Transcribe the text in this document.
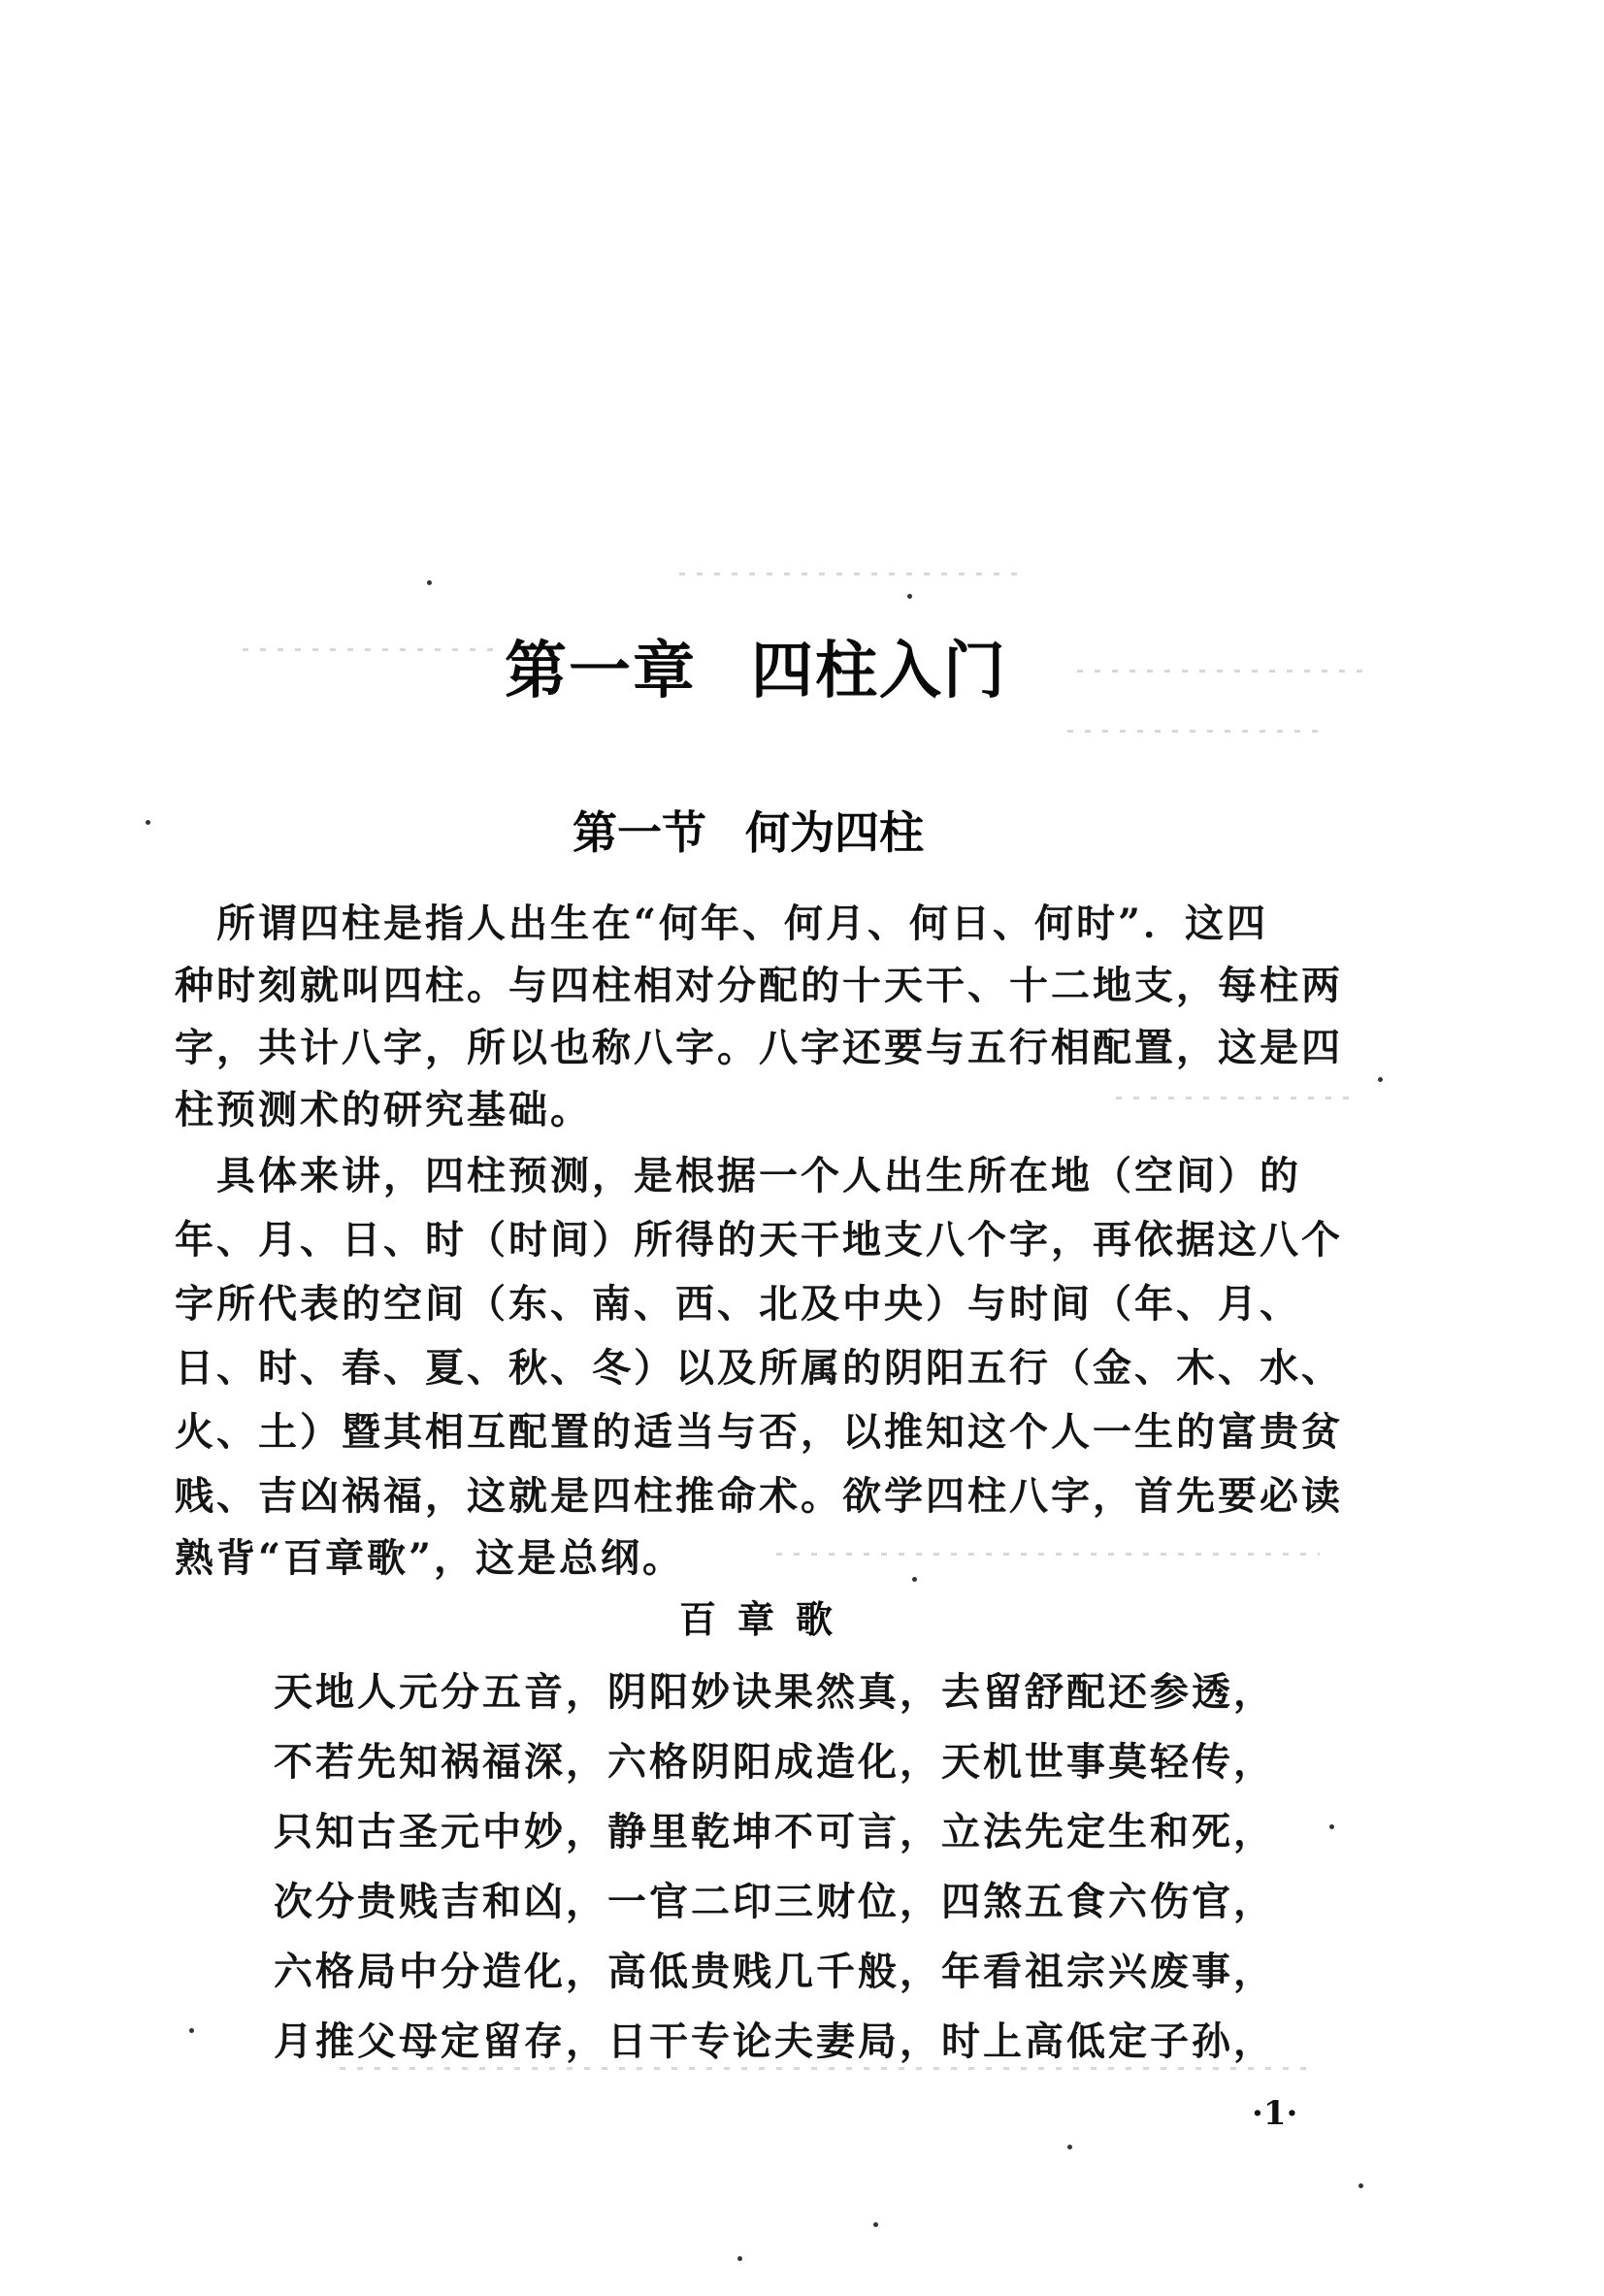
第一章 四柱入门
第一节 何为四柱
　所谓四柱是指人出生在“何年、何月、何日、何时”．这四
种时刻就叫四柱。与四柱相对分配的十天干、十二地支，每柱两
字，共计八字，所以也称八字。八字还要与五行相配置，这是四
柱预测术的研究基础。
　具体来讲，四柱预测，是根据一个人出生所在地（空间）的
年、月、日、时（时间）所得的天干地支八个字，再依据这八个
字所代表的空间（东、南、西、北及中央）与时间（年、月、
日、时、春、夏、秋、冬）以及所属的阴阳五行（金、木、水、
火、土）暨其相互配置的适当与否，以推知这个人一生的富贵贫
贱、吉凶祸福，这就是四柱推命术。欲学四柱八字，首先要必读
熟背“百章歌”，这是总纲。
百章歌
天地人元分五音，阴阳妙诀果然真，去留舒配还参透，
不若先知祸福深，六格阴阳成造化，天机世事莫轻传，
只知古圣元中妙，静里乾坤不可言，立法先定生和死，
次分贵贱吉和凶，一官二印三财位，四煞五食六伤官，
六格局中分造化，高低贵贱几千般，年看祖宗兴废事，
月推父母定留存，日干专论夫妻局，时上高低定子孙，
·1·
